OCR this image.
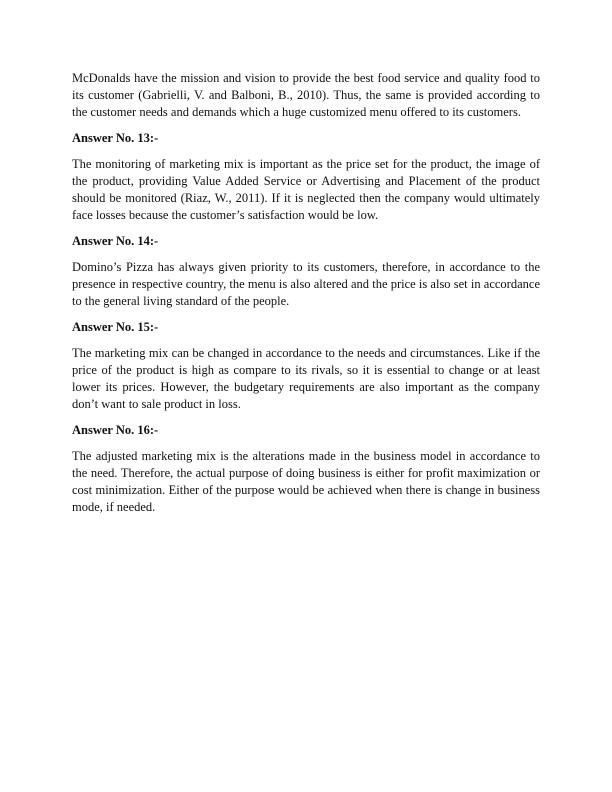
McDonalds have the mission and vision to provide the best food service and quality food to its customer (Gabrielli, V. and Balboni, B., 2010). Thus, the same is provided according to the customer needs and demands which a huge customized menu offered to its customers.

Answer No. 13:-

The monitoring of marketing mix is important as the price set for the product, the image of the product, providing Value Added Service or Advertising and Placement of the product should be monitored (Riaz, W., 2011). If it is neglected then the company would ultimately face losses because the customer’s satisfaction would be low.

Answer No. 14:-

Domino’s Pizza has always given priority to its customers, therefore, in accordance to the presence in respective country, the menu is also altered and the price is also set in accordance to the general living standard of the people.

Answer No. 15:-

The marketing mix can be changed in accordance to the needs and circumstances. Like if the price of the product is high as compare to its rivals, so it is essential to change or at least lower its prices. However, the budgetary requirements are also important as the company don’t want to sale product in loss.

Answer No. 16:-

The adjusted marketing mix is the alterations made in the business model in accordance to the need. Therefore, the actual purpose of doing business is either for profit maximization or cost minimization. Either of the purpose would be achieved when there is change in business mode, if needed.
